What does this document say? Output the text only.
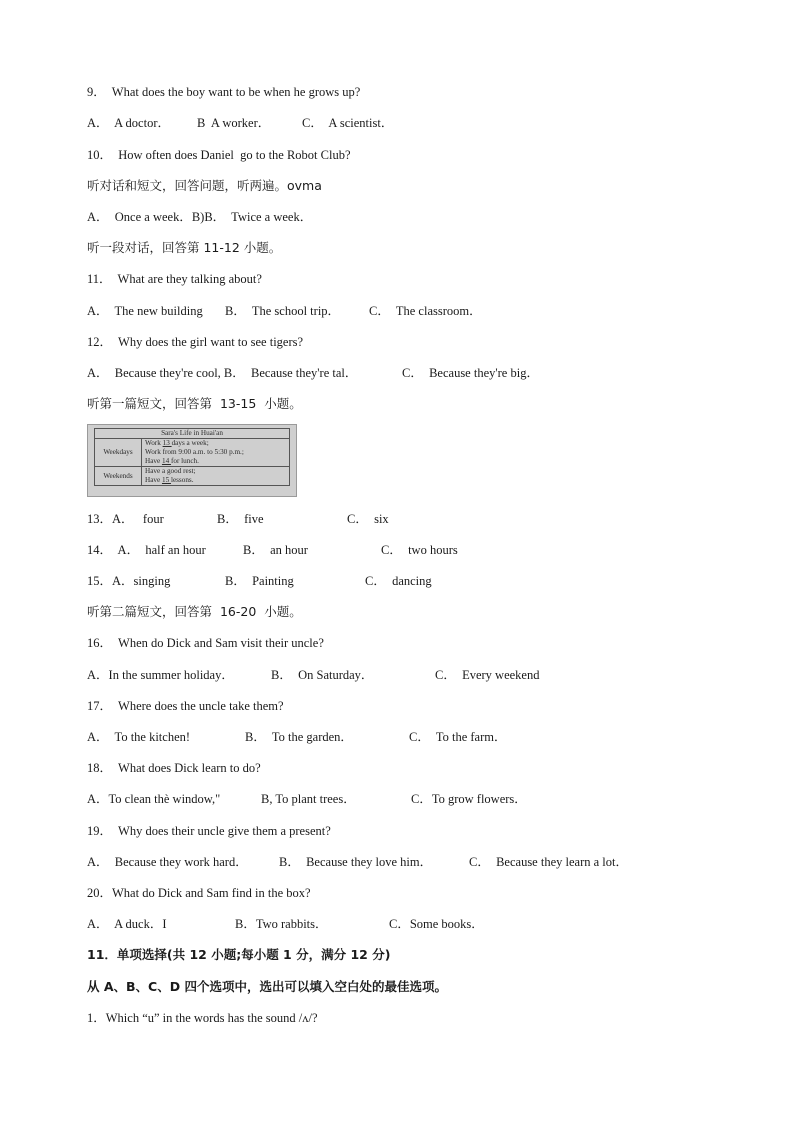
9．  What does the boy want to be when he grows up?
A．  A doctor． B  A worker．	C．  A scientist．
10．  How often does Daniel  go to the Robot Club?
听对话和短文，回答问题，听两遍。ovma
A．  Once a week．B)B．  Twice a week．
听一段对话，回答第 11-12 小题。
11．  What are they talking about?
A．  The new building B．  The school trip． C．  The classroom．
12．  Why does the girl want to see tigers?
A．  Because they're cool, B．  Because they're tal．	C．  Because they're big．
听第一篇短文，回答第  13-15  小题。
13．A．   four	B．  five	C．  six
14．  A．  half an hour	B．  an hour	C．  two hours
15．A．singing	B．  Painting	C．  dancing
听第二篇短文，回答第  16-20  小题。
16．  When do Dick and Sam visit their uncle?
A．In the summer holiday．	B．  On Saturday．	C．  Every weekend
17．  Where does the uncle take them?
A．  To the kitchen!	B．  To the garden．	C．  To the farm．
18．  What does Dick learn to do?
A．To clean thè window,"	B, To plant trees．	C．To grow flowers．
19．  Why does their uncle give them a present?
A．  Because they work hard．	B．  Because they love him．	C．  Because they learn a lot．
20．What do Dick and Sam find in the box?
A．  A duck．I	B．Two rabbits．	C．Some books．
11．单项选择(共 12 小题;每小题 1 分，满分 12 分)
从 A、B、C、D 四个选项中，选出可以填入空白处的最佳选项。
1．Which “u” in the words has the sound /ʌ/?
Sara's Life in Huai'an	
Weekdays	Work 13 days a week;
Work from 9:00 a.m. to 5:30 p.m.;
Have 14 for lunch.

Weekends	Have a good rest;
Have 15 lessons.
